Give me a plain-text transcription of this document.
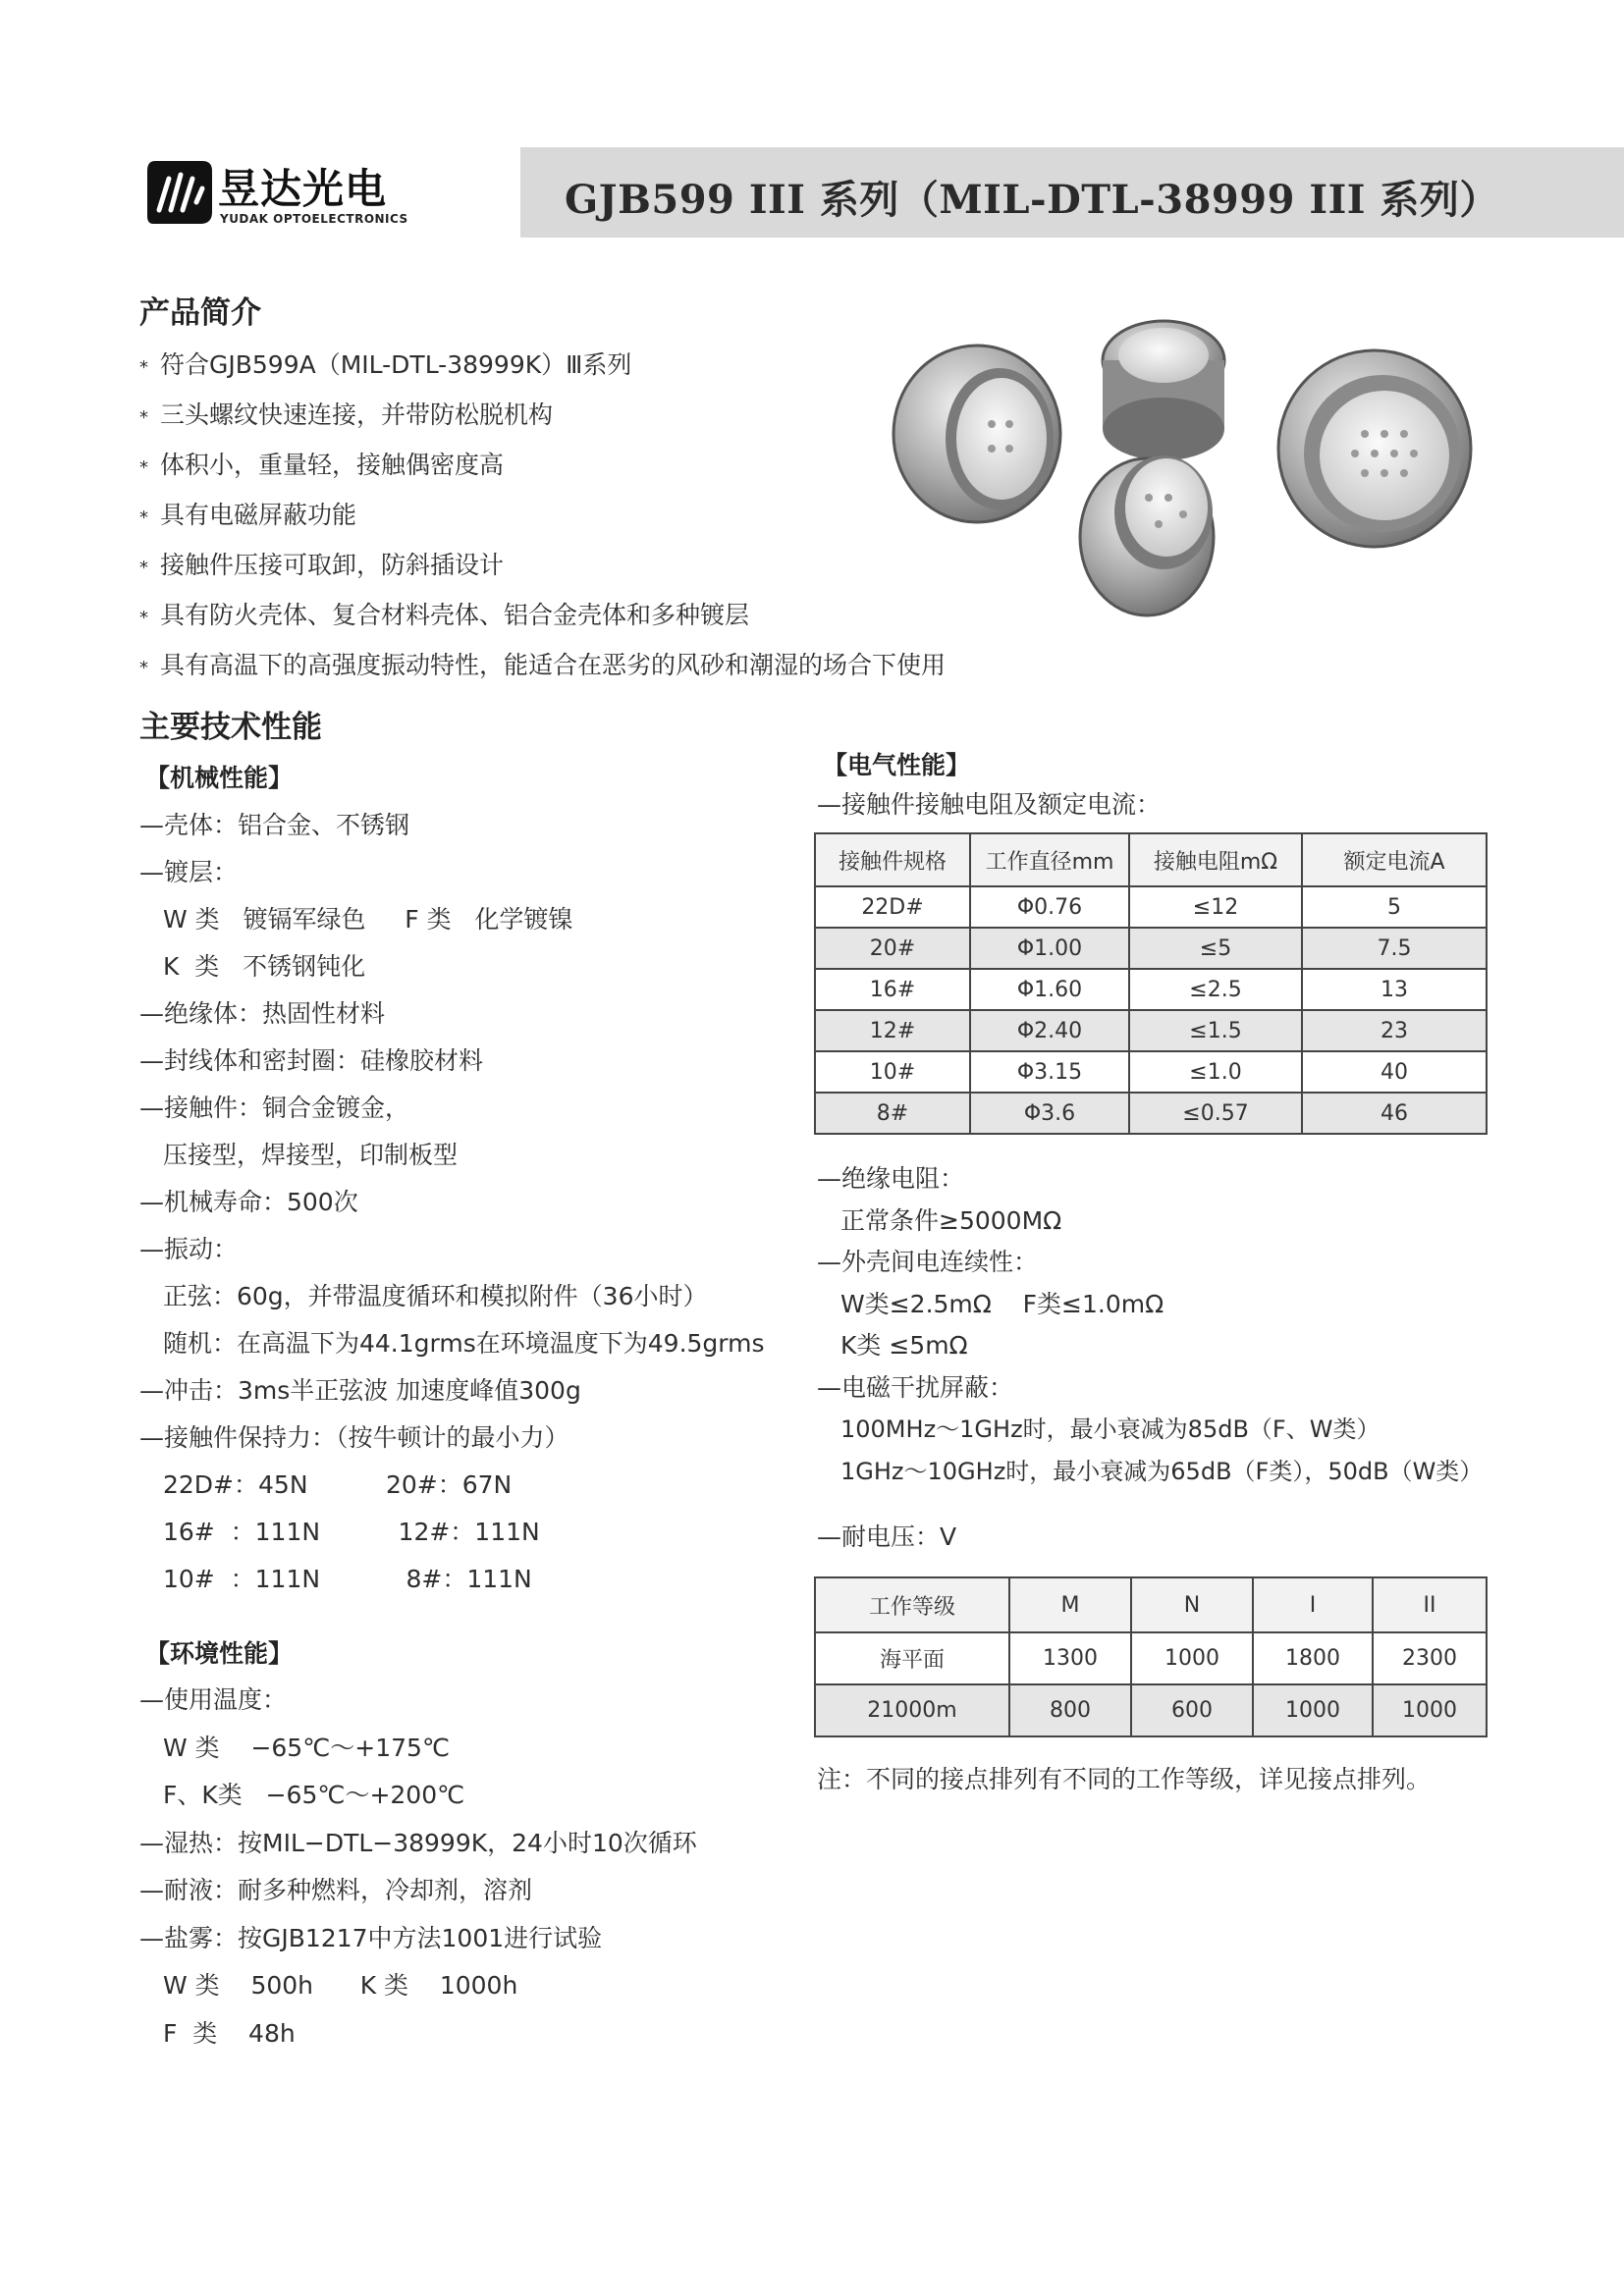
昱达光电
YUDAK OPTOELECTRONICS	GJB599 III 系列（MIL-DTL-38999 III 系列）
产品简介
* 符合GJB599A（MIL-DTL-38999K）Ⅲ系列
* 三头螺纹快速连接，并带防松脱机构
* 体积小，重量轻，接触偶密度高
* 具有电磁屏蔽功能
* 接触件压接可取卸，防斜插设计
* 具有防火壳体、复合材料壳体、铝合金壳体和多种镀层
* 具有高温下的高强度振动特性，能适合在恶劣的风砂和潮湿的场合下使用
主要技术性能
【机械性能】
—壳体：铝合金、不锈钢
—镀层：
W 类   镀镉军绿色     F 类   化学镀镍
K  类   不锈钢钝化
—绝缘体：热固性材料
—封线体和密封圈：硅橡胶材料
—接触件：铜合金镀金，
压接型，焊接型，印制板型
—机械寿命：500次
—振动：
正弦：60g，并带温度循环和模拟附件（36小时）
随机：在高温下为44.1grms在环境温度下为49.5grms
—冲击：3ms半正弦波 加速度峰值300g
—接触件保持力：（按牛顿计的最小力）
22D#：45N          20#：67N
16#  ：111N          12#：111N
10#  ：111N           8#：111N
【环境性能】
—使用温度：
W 类    −65℃～+175℃
F、K类   −65℃～+200℃
—湿热：按MIL−DTL−38999K，24小时10次循环
—耐液：耐多种燃料，冷却剂，溶剂
—盐雾：按GJB1217中方法1001进行试验
W 类    500h      K 类    1000h
F  类    48h
【电气性能】
—接触件接触电阻及额定电流：
接触件规格	工作直径mm	接触电阻mΩ	额定电流A
22D#	Φ0.76	≤12	5
20#	Φ1.00	≤5	7.5
16#	Φ1.60	≤2.5	13
12#	Φ2.40	≤1.5	23
10#	Φ3.15	≤1.0	40
8#	Φ3.6	≤0.57	46
—绝缘电阻：
正常条件≥5000MΩ
—外壳间电连续性：
W类≤2.5mΩ    F类≤1.0mΩ
K类 ≤5mΩ
—电磁干扰屏蔽：
100MHz～1GHz时，最小衰减为85dB（F、W类）
1GHz～10GHz时，最小衰减为65dB（F类），50dB（W类）
—耐电压：V
工作等级	M	N	I	II
海平面	1300	1000	1800	2300
21000m	800	600	1000	1000
注：不同的接点排列有不同的工作等级，详见接点排列。
